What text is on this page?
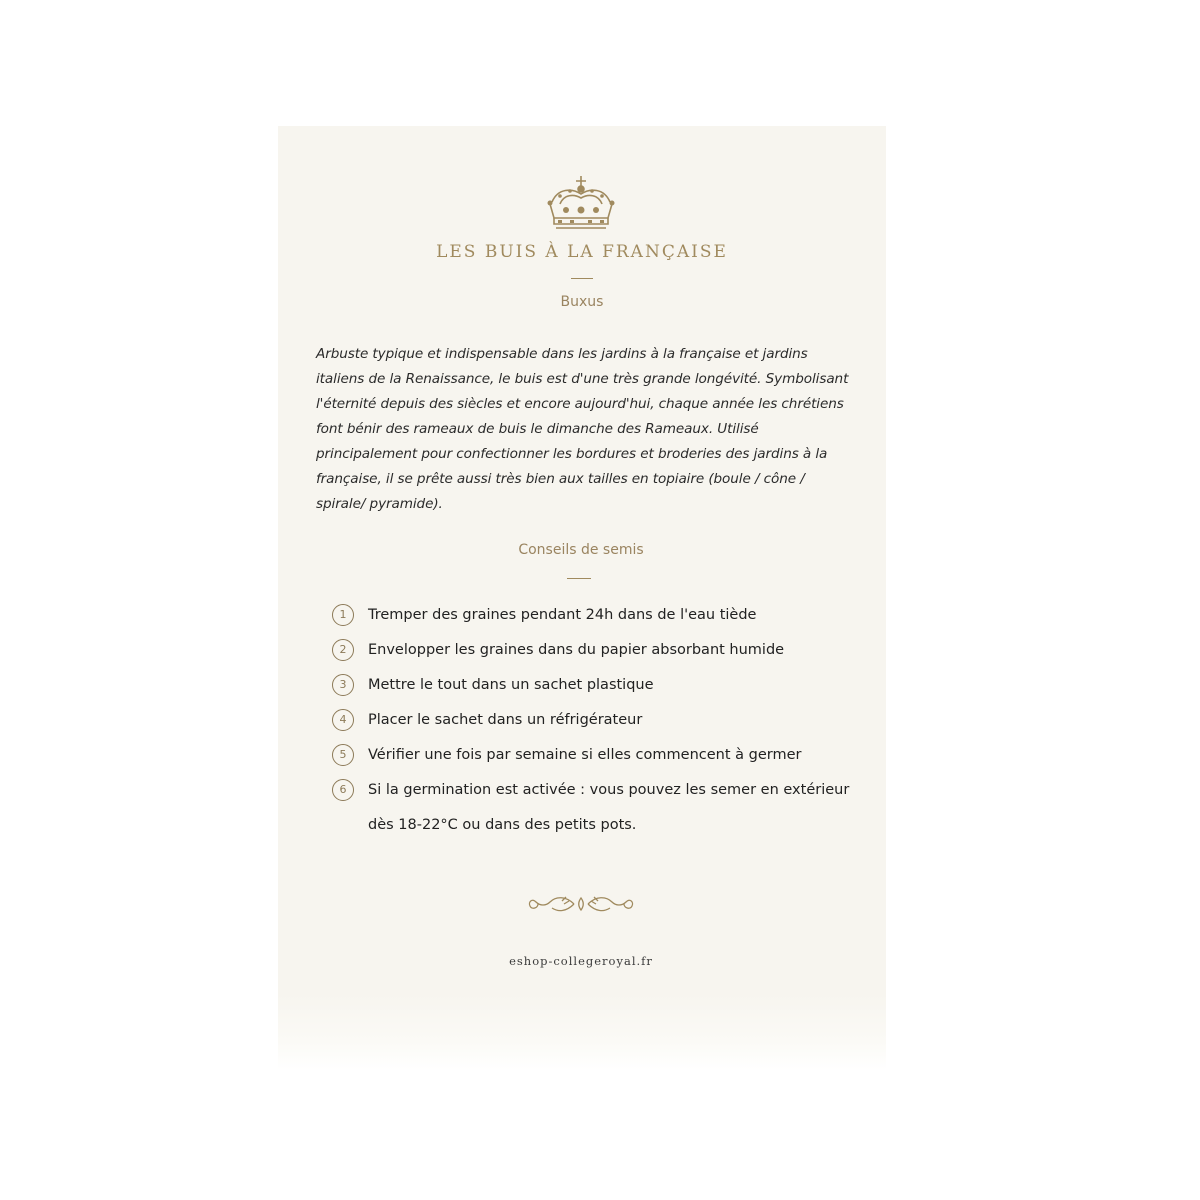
LES BUIS À LA FRANÇAISE
Buxus

Arbuste typique et indispensable dans les jardins à la française et jardins italiens de la Renaissance, le buis est d'une très grande longévité. Symbolisant l'éternité depuis des siècles et encore aujourd'hui, chaque année les chrétiens font bénir des rameaux de buis le dimanche des Rameaux. Utilisé principalement pour confectionner les bordures et broderies des jardins à la française, il se prête aussi très bien aux tailles en topiaire (boule / cône / spirale/ pyramide).

Conseils de semis
1	Tremper des graines pendant 24h dans de l'eau tiède
2	Envelopper les graines dans du papier absorbant humide
3	Mettre le tout dans un sachet plastique
4	Placer le sachet dans un réfrigérateur
5	Vérifier une fois par semaine si elles commencent à germer
6	Si la germination est activée : vous pouvez les semer en extérieur dès 18-22°C ou dans des petits pots.
eshop-collegeroyal.fr
